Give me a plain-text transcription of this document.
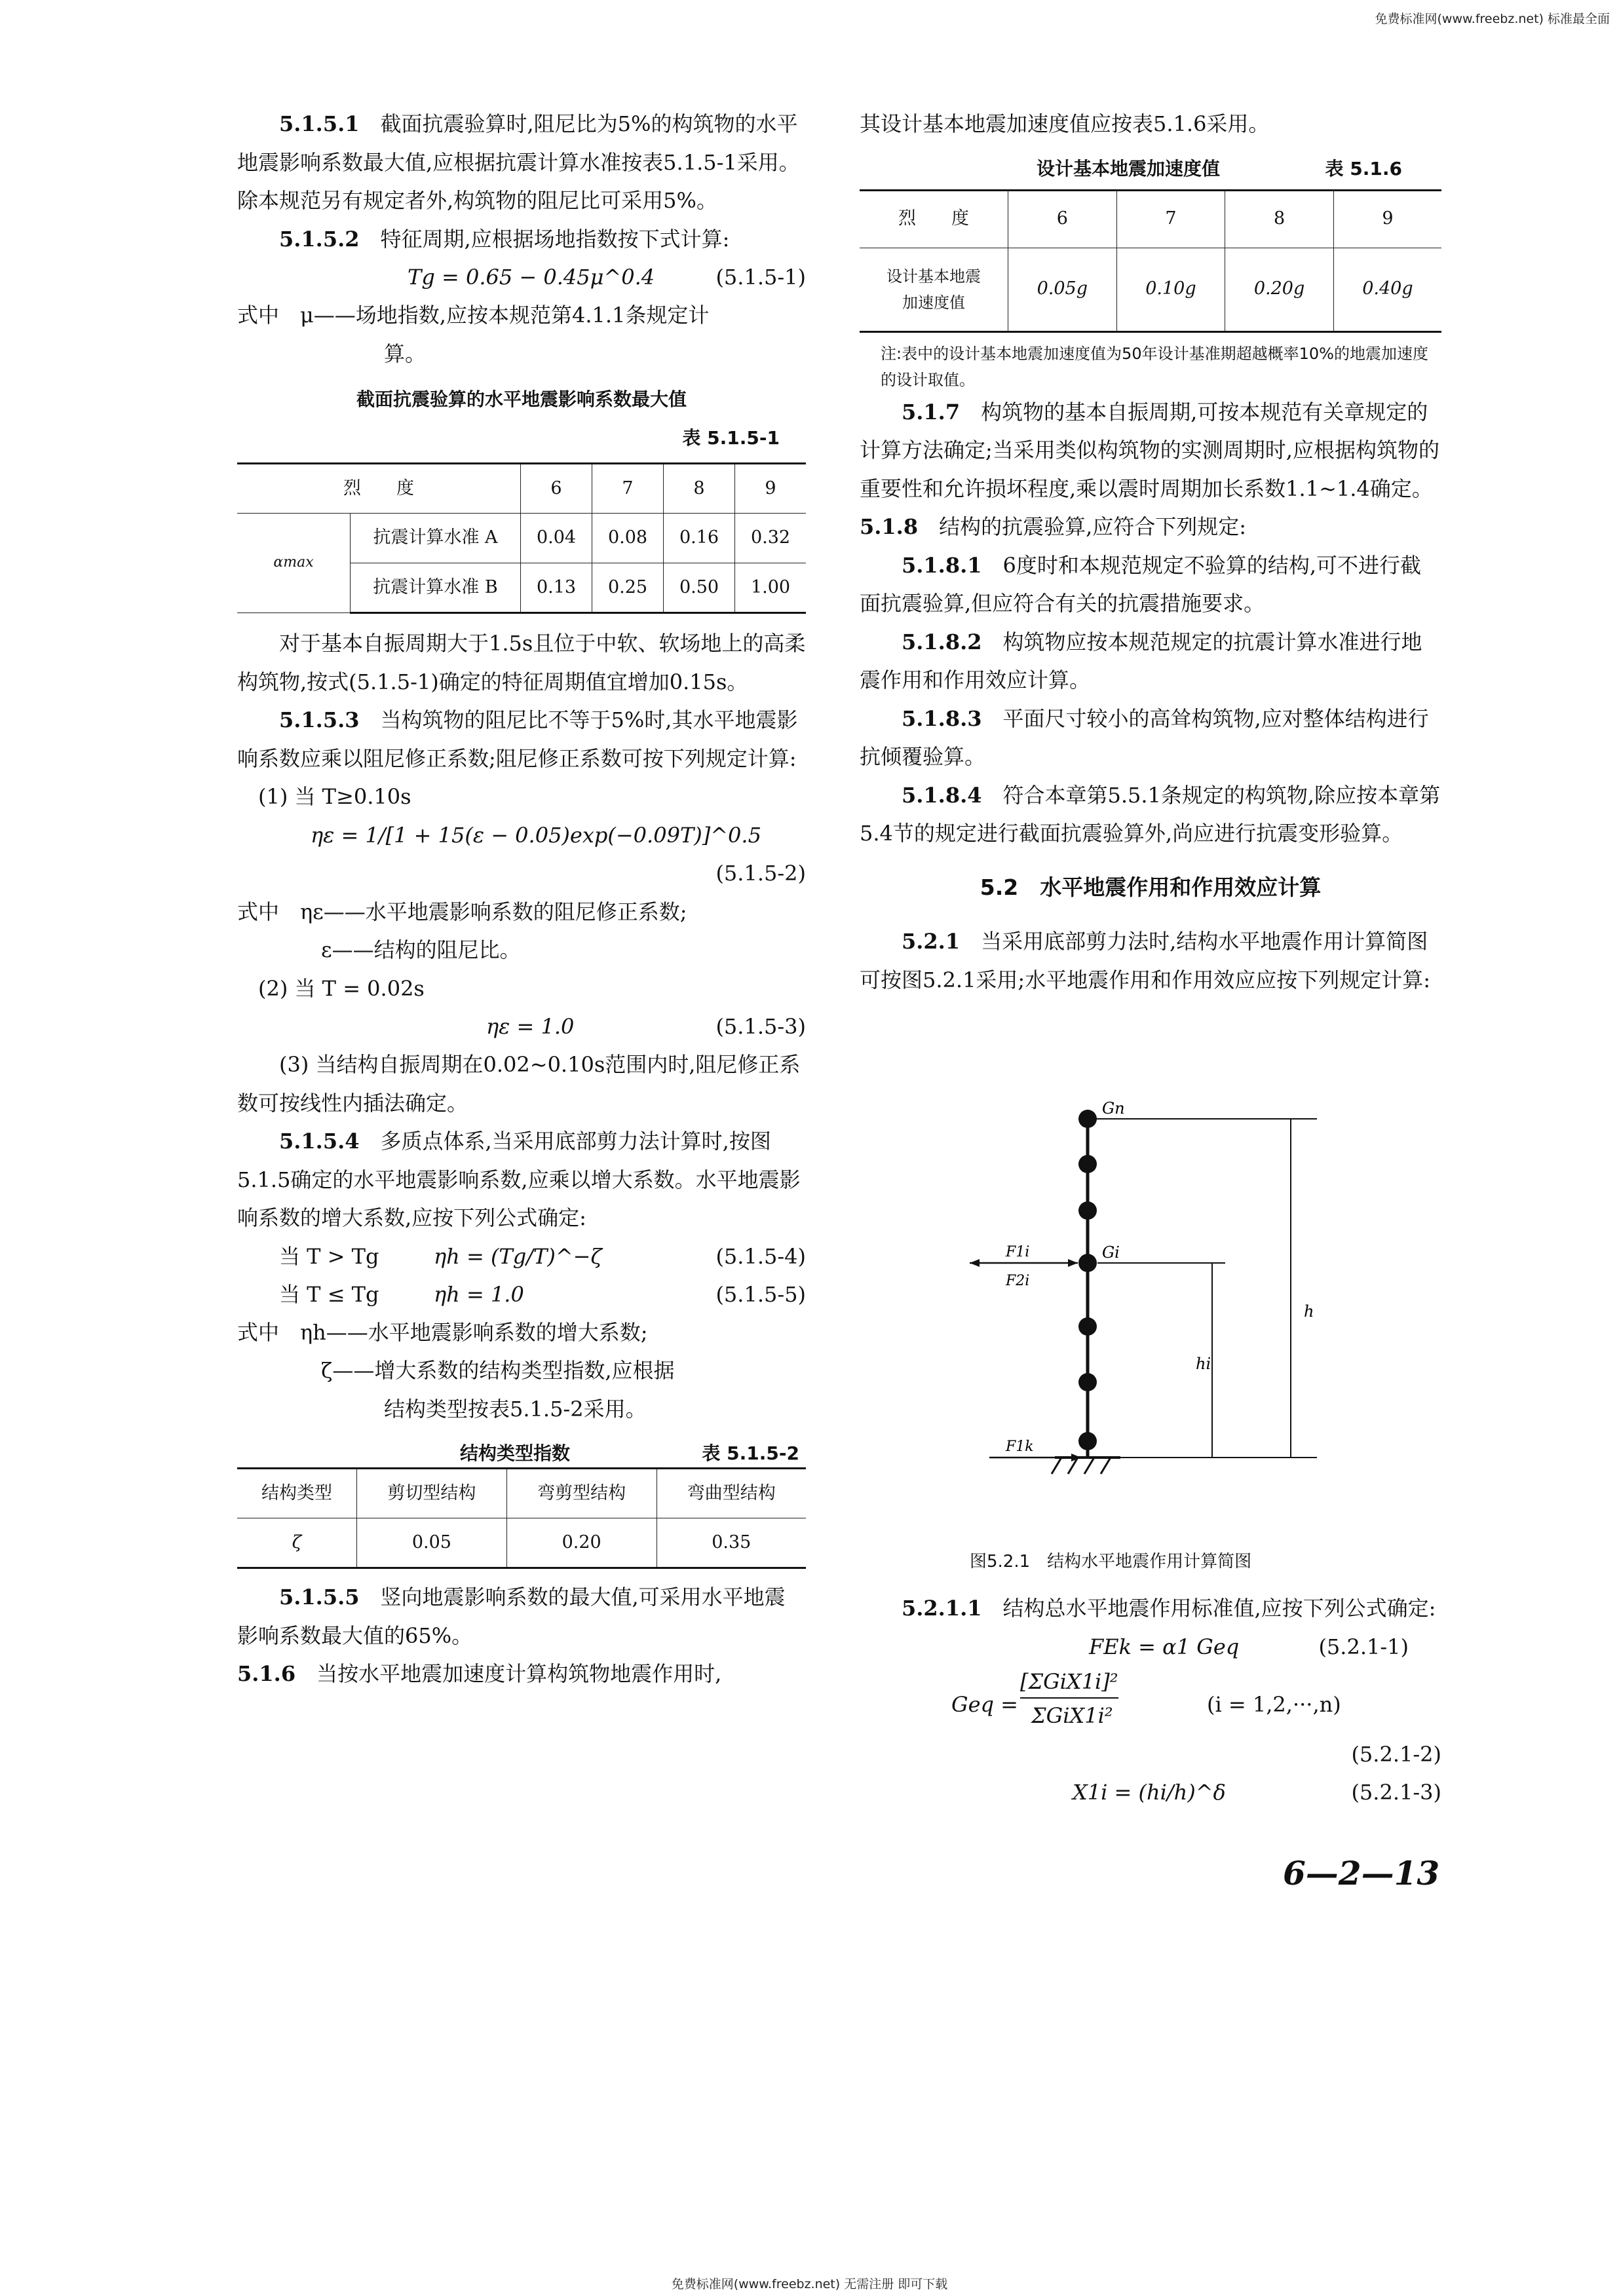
免费标准网(www.freebz.net) 标准最全面

5.1.5.1　 截面抗震验算时,阻尼比为5%的构筑物的水平地震影响系数最大值,应根据抗震计算水准按表5.1.5-1采用。除本规范另有规定者外,构筑物的阻尼比可采用5%。

5.1.5.2　 特征周期,应根据场地指数按下式计算:

Tg = 0.65 − 0.45μ^0.4	(5.1.5-1)

式中　μ——场地指数,应按本规范第4.1.1条规定计

算。

截面抗震验算的水平地震影响系数最大值
表 5.1.5-1
烈　　度		6	7	8	9
αmax	抗震计算水准 A	0.04	0.08	0.16	0.32
	抗震计算水准 B	0.13	0.25	0.50	1.00

对于基本自振周期大于1.5s且位于中软、软场地上的高柔构筑物,按式(5.1.5-1)确定的特征周期值宜增加0.15s。

5.1.5.3　 当构筑物的阻尼比不等于5%时,其水平地震影响系数应乘以阻尼修正系数;阻尼修正系数可按下列规定计算:

(1) 当 T≥0.10s

ηε = 1/[1 + 15(ε − 0.05)exp(−0.09T)]^0.5

(5.1.5-2)

式中　ηε——水平地震影响系数的阻尼修正系数;

ε——结构的阻尼比。

(2) 当 T = 0.02s

ηε = 1.0	(5.1.5-3)

(3) 当结构自振周期在0.02~0.10s范围内时,阻尼修正系数可按线性内插法确定。

5.1.5.4　 多质点体系,当采用底部剪力法计算时,按图5.1.5确定的水平地震影响系数,应乘以增大系数。水平地震影响系数的增大系数,应按下列公式确定:

当 T > Tg	ηh = (Tg/T)^−ζ	(5.1.5-4)
当 T ≤ Tg	ηh = 1.0	(5.1.5-5)

式中　ηh——水平地震影响系数的增大系数;

ζ——增大系数的结构类型指数,应根据

结构类型按表5.1.5-2采用。

结构类型指数	表 5.1.5-2
结构类型	剪切型结构	弯剪型结构	弯曲型结构
ζ	0.05	0.20	0.35

5.1.5.5　 竖向地震影响系数的最大值,可采用水平地震影响系数最大值的65%。

5.1.6　 当按水平地震加速度计算构筑物地震作用时,

其设计基本地震加速度值应按表5.1.6采用。

设计基本地震加速度值	表 5.1.6
烈　　度	6	7	8	9
设计基本地震加速度值	0.05g	0.10g	0.20g	0.40g
注:表中的设计基本地震加速度值为50年设计基准期超越概率10%的地震加速度的设计取值。

5.1.7　 构筑物的基本自振周期,可按本规范有关章规定的计算方法确定;当采用类似构筑物的实测周期时,应根据构筑物的重要性和允许损坏程度,乘以震时周期加长系数1.1~1.4确定。

5.1.8　 结构的抗震验算,应符合下列规定:

5.1.8.1　 6度时和本规范规定不验算的结构,可不进行截面抗震验算,但应符合有关的抗震措施要求。

5.1.8.2　 构筑物应按本规范规定的抗震计算水准进行地震作用和作用效应计算。

5.1.8.3　 平面尺寸较小的高耸构筑物,应对整体结构进行抗倾覆验算。

5.1.8.4　 符合本章第5.5.1条规定的构筑物,除应按本章第5.4节的规定进行截面抗震验算外,尚应进行抗震变形验算。

5.2　水平地震作用和作用效应计算

5.2.1　 当采用底部剪力法时,结构水平地震作用计算简图可按图5.2.1采用;水平地震作用和作用效应应按下列规定计算:

Gn
Gi
F1i
F2i
F1k
h
hi
图5.2.1　结构水平地震作用计算简图

5.2.1.1　 结构总水平地震作用标准值,应按下列公式确定:

FEk = α1 Geq	(5.2.1-1)
Geq =
[ΣGiX1i]²
ΣGiX1i²	(i = 1,2,···,n)

(5.2.1-2)

X1i = (hi/h)^δ	(5.2.1-3)
6—2—13
免费标准网(www.freebz.net) 无需注册 即可下载
